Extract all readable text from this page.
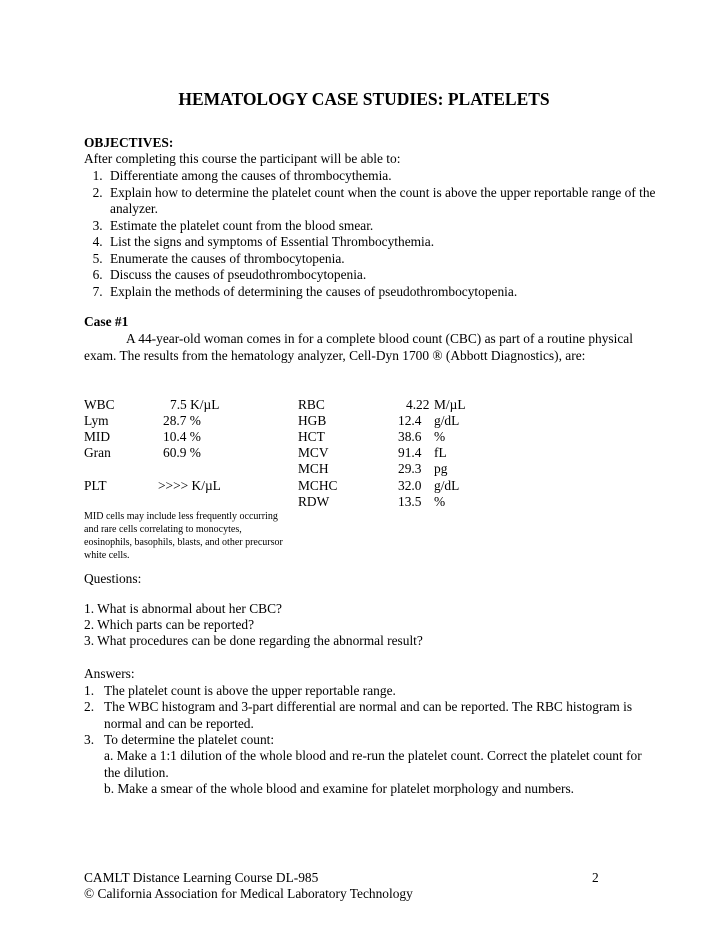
HEMATOLOGY CASE STUDIES: PLATELETS
OBJECTIVES:
After completing this course the participant will be able to:
1. Differentiate among the causes of thrombocythemia.
2. Explain how to determine the platelet count when the count is above the upper reportable range of the analyzer.
3. Estimate the platelet count from the blood smear.
4. List the signs and symptoms of Essential Thrombocythemia.
5. Enumerate the causes of thrombocytopenia.
6. Discuss the causes of pseudothrombocytopenia.
7. Explain the methods of determining the causes of pseudothrombocytopenia.
Case #1
A 44-year-old woman comes in for a complete blood count (CBC) as part of a routine physical exam. The results from the hematology analyzer, Cell-Dyn 1700 ® (Abbott Diagnostics), are:
WBC	7.5 K/µL
Lym	28.7 %
MID	10.4 %
Gran	60.9 %
PLT	>>>> K/µL
RBC	4.22 M/µL
HGB	12.4 g/dL
HCT	38.6 %
MCV	91.4 fL
MCH	29.3 pg
MCHC	32.0 g/dL
RDW	13.5 %
MID cells may include less frequently occurring and rare cells correlating to monocytes, eosinophils, basophils, blasts, and other precursor white cells.
Questions:
1. What is abnormal about her CBC?
2. Which parts can be reported?
3. What procedures can be done regarding the abnormal result?
Answers:
1. The platelet count is above the upper reportable range.
2. The WBC histogram and 3-part differential are normal and can be reported. The RBC histogram is normal and can be reported.
3. To determine the platelet count:
a. Make a 1:1 dilution of the whole blood and re-run the platelet count. Correct the platelet count for the dilution.
b. Make a smear of the whole blood and examine for platelet morphology and numbers.
CAMLT Distance Learning Course DL-985	2
© California Association for Medical Laboratory Technology
